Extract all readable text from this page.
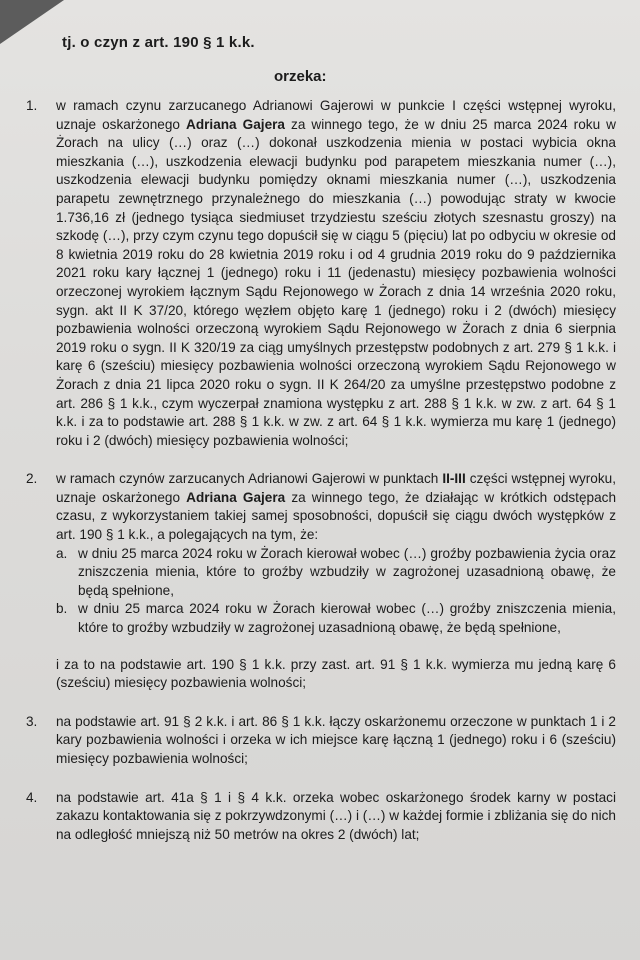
tj. o czyn z art. 190 § 1 k.k.
orzeka:
1. w ramach czynu zarzucanego Adrianowi Gajerowi w punkcie I części wstępnej wyroku, uznaje oskarżonego Adriana Gajera za winnego tego, że w dniu 25 marca 2024 roku w Żorach na ulicy (…) oraz (…) dokonał uszkodzenia mienia w postaci wybicia okna mieszkania (…), uszkodzenia elewacji budynku pod parapetem mieszkania numer (…), uszkodzenia elewacji budynku pomiędzy oknami mieszkania numer (…), uszkodzenia parapetu zewnętrznego przynależnego do mieszkania (…) powodując straty w kwocie 1.736,16 zł (jednego tysiąca siedmiuset trzydziestu sześciu złotych szesnastu groszy) na szkodę (…), przy czym czynu tego dopuścił się w ciągu 5 (pięciu) lat po odbyciu w okresie od 8 kwietnia 2019 roku do 28 kwietnia 2019 roku i od 4 grudnia 2019 roku do 9 października 2021 roku kary łącznej 1 (jednego) roku i 11 (jedenastu) miesięcy pozbawienia wolności orzeczonej wyrokiem łącznym Sądu Rejonowego w Żorach z dnia 14 września 2020 roku, sygn. akt II K 37/20, którego węzłem objęto karę 1 (jednego) roku i 2 (dwóch) miesięcy pozbawienia wolności orzeczoną wyrokiem Sądu Rejonowego w Żorach z dnia 6 sierpnia 2019 roku o sygn. II K 320/19 za ciąg umyślnych przestępstw podobnych z art. 279 § 1 k.k. i karę 6 (sześciu) miesięcy pozbawienia wolności orzeczoną wyrokiem Sądu Rejonowego w Żorach z dnia 21 lipca 2020 roku o sygn. II K 264/20 za umyślne przestępstwo podobne z art. 286 § 1 k.k., czym wyczerpał znamiona występku z art. 288 § 1 k.k. w zw. z art. 64 § 1 k.k. i za to podstawie art. 288 § 1 k.k. w zw. z art. 64 § 1 k.k. wymierza mu karę 1 (jednego) roku i 2 (dwóch) miesięcy pozbawienia wolności;

2. w ramach czynów zarzucanych Adrianowi Gajerowi w punktach II-III części wstępnej wyroku, uznaje oskarżonego Adriana Gajera za winnego tego, że działając w krótkich odstępach czasu, z wykorzystaniem takiej samej sposobności, dopuścił się ciągu dwóch występków z art. 190 § 1 k.k., a polegających na tym, że:

a. w dniu 25 marca 2024 roku w Żorach kierował wobec (…) groźby pozbawienia życia oraz zniszczenia mienia, które to groźby wzbudziły w zagrożonej uzasadnioną obawę, że będą spełnione,
b. w dniu 25 marca 2024 roku w Żorach kierował wobec (…) groźby zniszczenia mienia, które to groźby wzbudziły w zagrożonej uzasadnioną obawę, że będą spełnione,

i za to na podstawie art. 190 § 1 k.k. przy zast. art. 91 § 1 k.k. wymierza mu jedną karę 6 (sześciu) miesięcy pozbawienia wolności;

3. na podstawie art. 91 § 2 k.k. i art. 86 § 1 k.k. łączy oskarżonemu orzeczone w punktach 1 i 2 kary pozbawienia wolności i orzeka w ich miejsce karę łączną 1 (jednego) roku i 6 (sześciu) miesięcy pozbawienia wolności;

4. na podstawie art. 41a § 1 i § 4 k.k. orzeka wobec oskarżonego środek karny w postaci zakazu kontaktowania się z pokrzywdzonymi (…) i (…) w każdej formie i zbliżania się do nich na odległość mniejszą niż 50 metrów na okres 2 (dwóch) lat;
